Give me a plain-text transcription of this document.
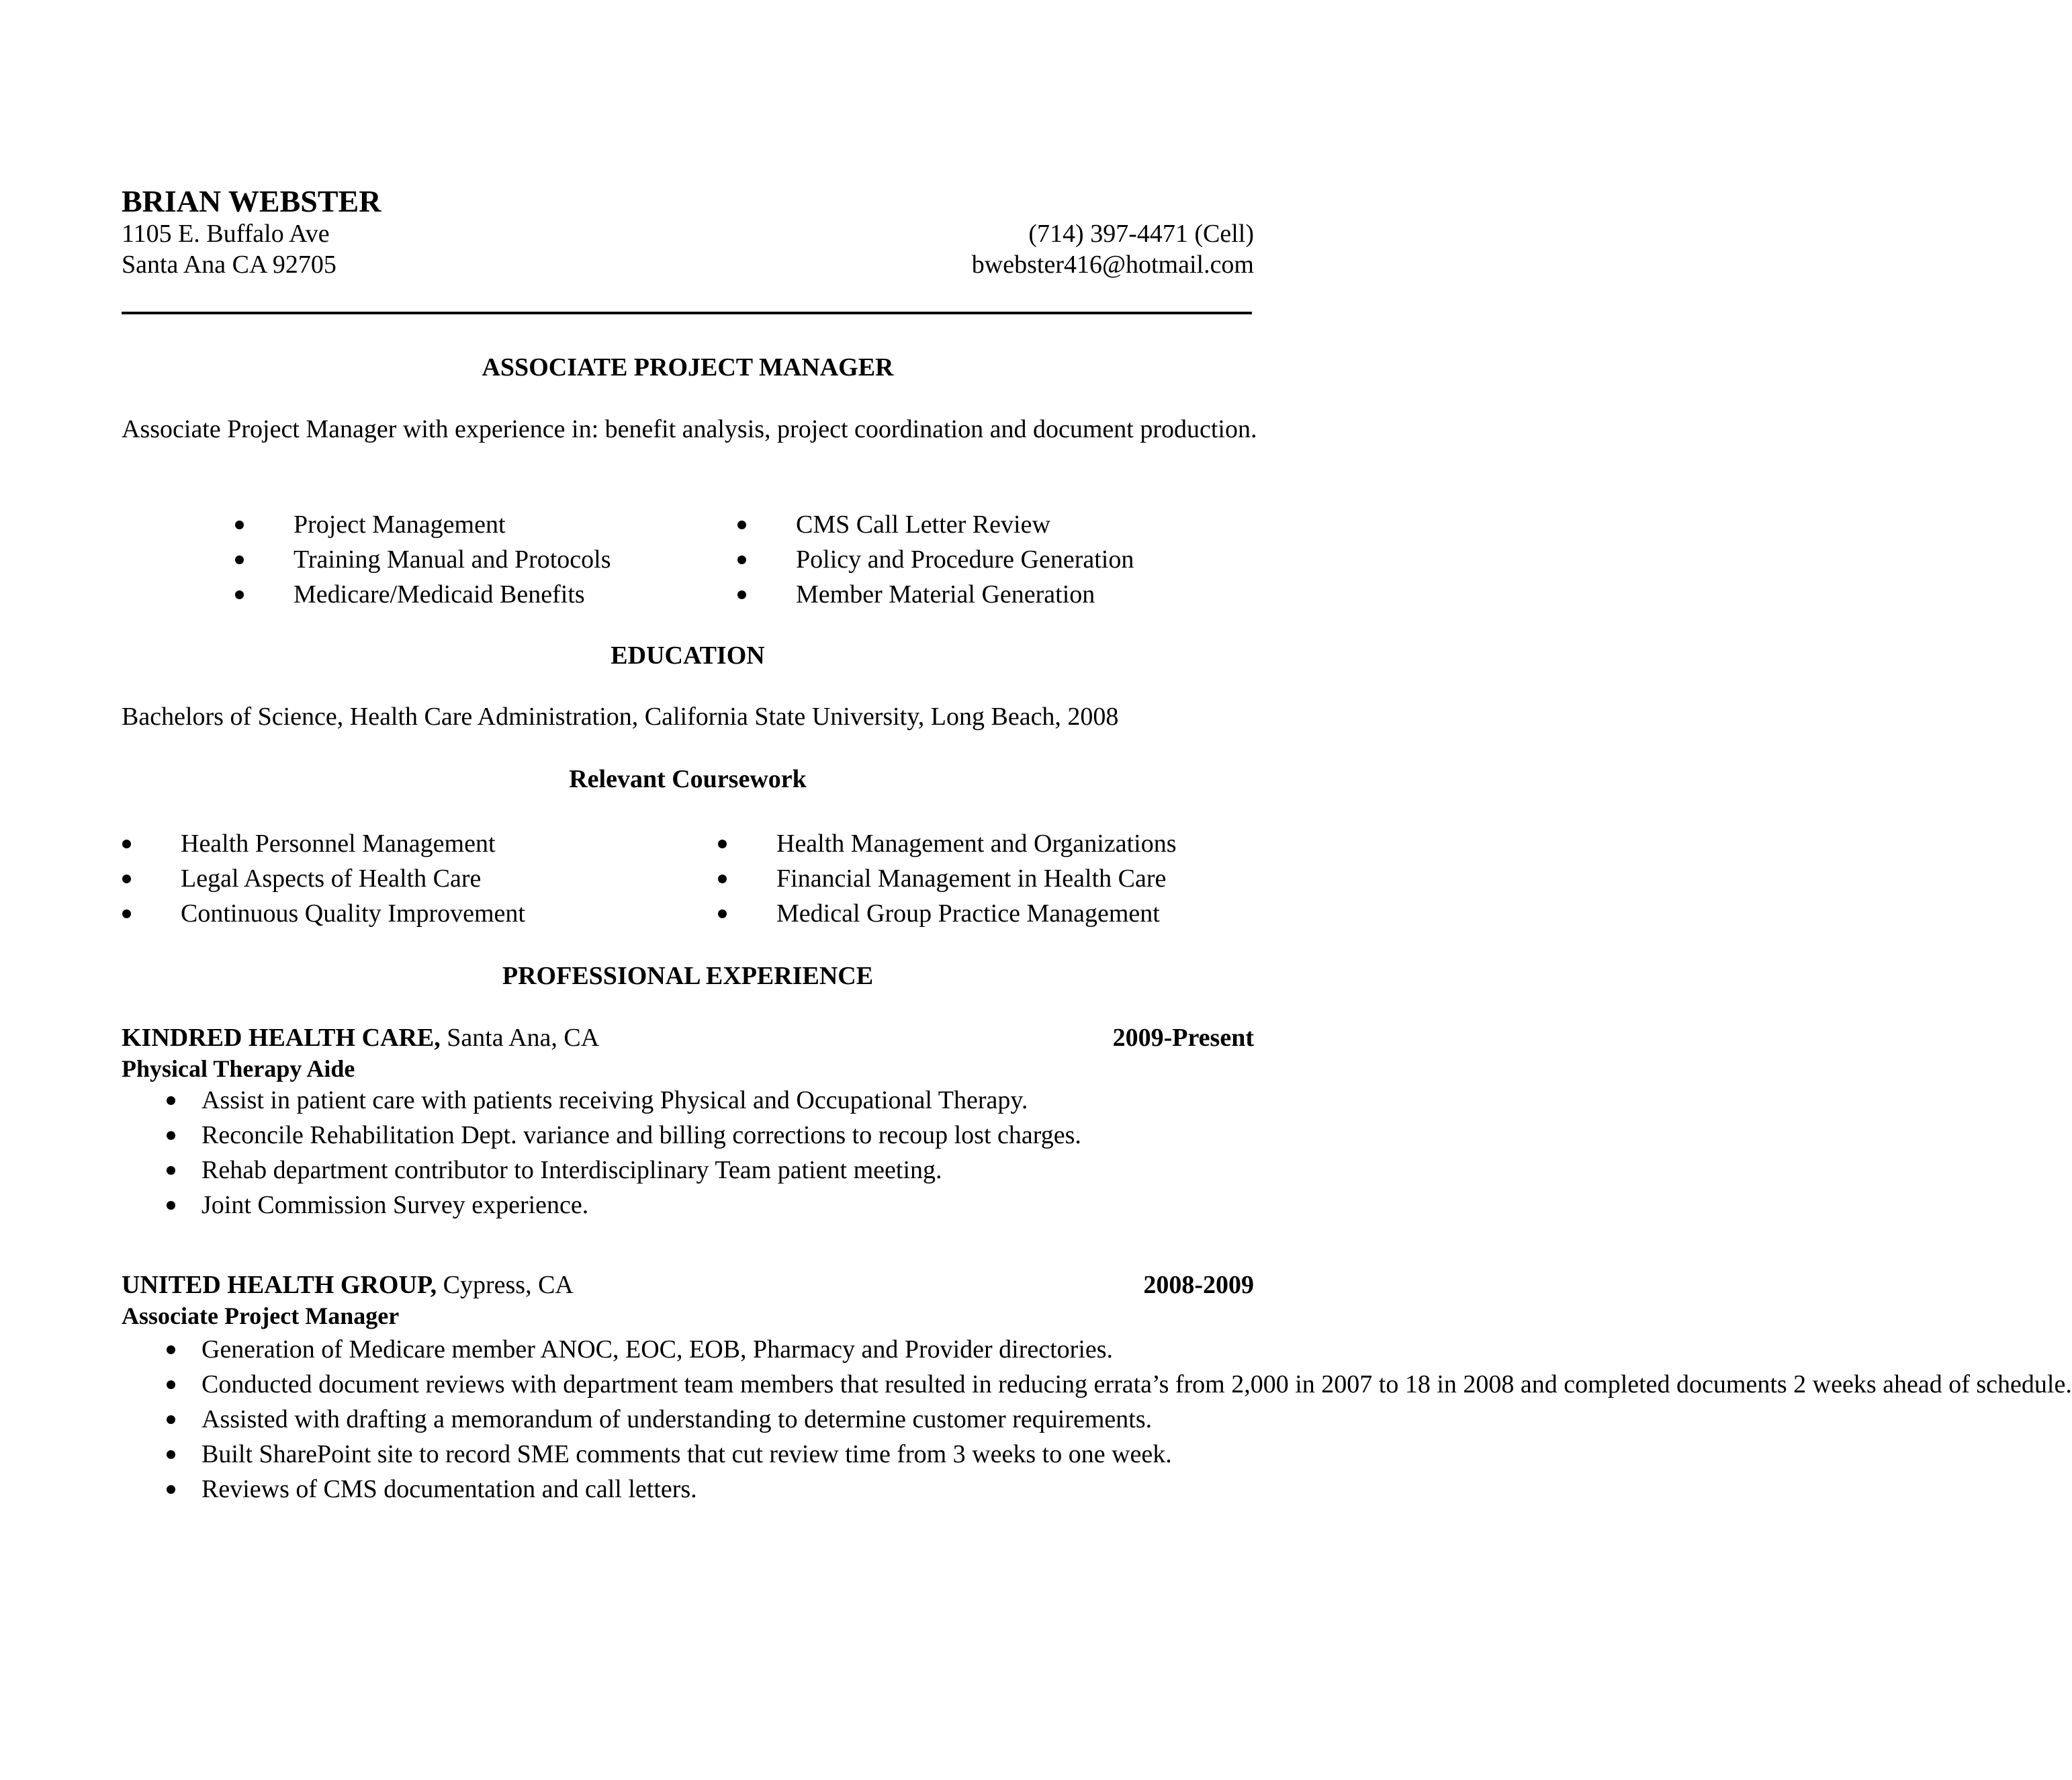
BRIAN WEBSTER
1105 E. Buffalo Ave
Santa Ana CA 92705
(714) 397-4471 (Cell)
bwebster416@hotmail.com
ASSOCIATE PROJECT MANAGER
Associate Project Manager with experience in: benefit analysis, project coordination and document production.
Project Management
Training Manual and Protocols
Medicare/Medicaid Benefits
CMS Call Letter Review
Policy and Procedure Generation
Member Material Generation
EDUCATION
Bachelors of Science, Health Care Administration, California State University, Long Beach, 2008
Relevant Coursework
Health Personnel Management
Legal Aspects of Health Care
Continuous Quality Improvement
Health Management and Organizations
Financial Management in Health Care
Medical Group Practice Management
PROFESSIONAL EXPERIENCE
KINDRED HEALTH CARE, Santa Ana, CA	2009-Present
Physical Therapy Aide
Assist in patient care with patients receiving Physical and Occupational Therapy.
Reconcile Rehabilitation Dept. variance and billing corrections to recoup lost charges.
Rehab department contributor to Interdisciplinary Team patient meeting.
Joint Commission Survey experience.
UNITED HEALTH GROUP, Cypress, CA	2008-2009
Associate Project Manager
Generation of Medicare member ANOC, EOC, EOB, Pharmacy and Provider directories.
Conducted document reviews with department team members that resulted in reducing errata’s from 2,000 in 2007 to 18 in 2008 and completed documents 2 weeks ahead of schedule.
Assisted with drafting a memorandum of understanding to determine customer requirements.
Built SharePoint site to record SME comments that cut review time from 3 weeks to one week.
Reviews of CMS documentation and call letters.
